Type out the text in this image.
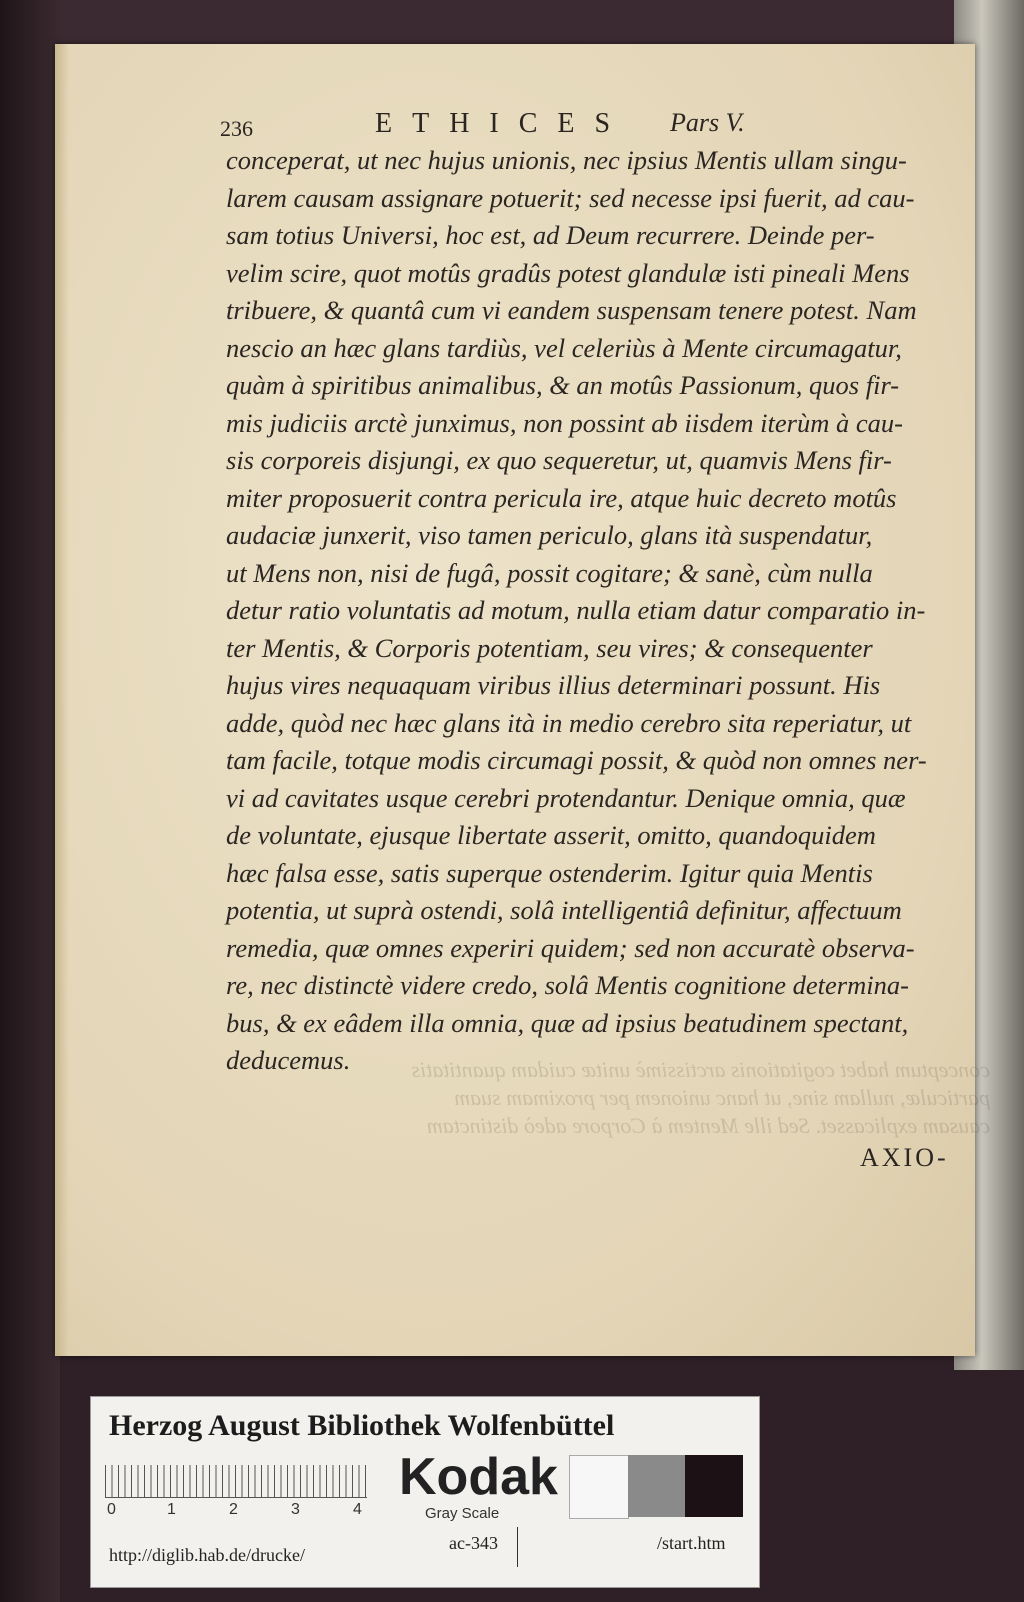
conceptum habet cogitationis arctissimè unitæ cuidam quantitatis
particulæ, nullam sine, ut hanc unionem per proximam suam
causam explicasset. Sed ille Mentem à Corpore adeò distinctam
236	ETHICES Pars V.
conceperat, ut nec hujus unionis, nec ipsius Mentis ullam singu-
larem causam assignare potuerit; sed necesse ipsi fuerit, ad cau-
sam totius Universi, hoc est, ad Deum recurrere. Deinde per-
velim scire, quot motûs gradûs potest glandulæ isti pineali Mens
tribuere, & quantâ cum vi eandem suspensam tenere potest. Nam
nescio an hæc glans tardiùs, vel celeriùs à Mente circumagatur,
quàm à spiritibus animalibus, & an motûs Passionum, quos fir-
mis judiciis arctè junximus, non possint ab iisdem iterùm à cau-
sis corporeis disjungi, ex quo sequeretur, ut, quamvis Mens fir-
miter proposuerit contra pericula ire, atque huic decreto motûs
audaciæ junxerit, viso tamen periculo, glans ità suspendatur,
ut Mens non, nisi de fugâ, possit cogitare; & sanè, cùm nulla
detur ratio voluntatis ad motum, nulla etiam datur comparatio in-
ter Mentis, & Corporis potentiam, seu vires; & consequenter
hujus vires nequaquam viribus illius determinari possunt. His
adde, quòd nec hæc glans ità in medio cerebro sita reperiatur, ut
tam facile, totque modis circumagi possit, & quòd non omnes ner-
vi ad cavitates usque cerebri protendantur. Denique omnia, quæ
de voluntate, ejusque libertate asserit, omitto, quandoquidem
hæc falsa esse, satis superque ostenderim. Igitur quia Mentis
potentia, ut suprà ostendi, solâ intelligentiâ definitur, affectuum
remedia, quæ omnes experiri quidem; sed non accuratè observa-
re, nec distinctè videre credo, solâ Mentis cognitione determina-
bus, & ex eâdem illa omnia, quæ ad ipsius beatudinem spectant,
deducemus.
AXIO-
Herzog August Bibliothek Wolfenbüttel
0	1	2	3	4
Kodak
Gray Scale
http://diglib.hab.de/drucke/
ac-343	/start.htm
